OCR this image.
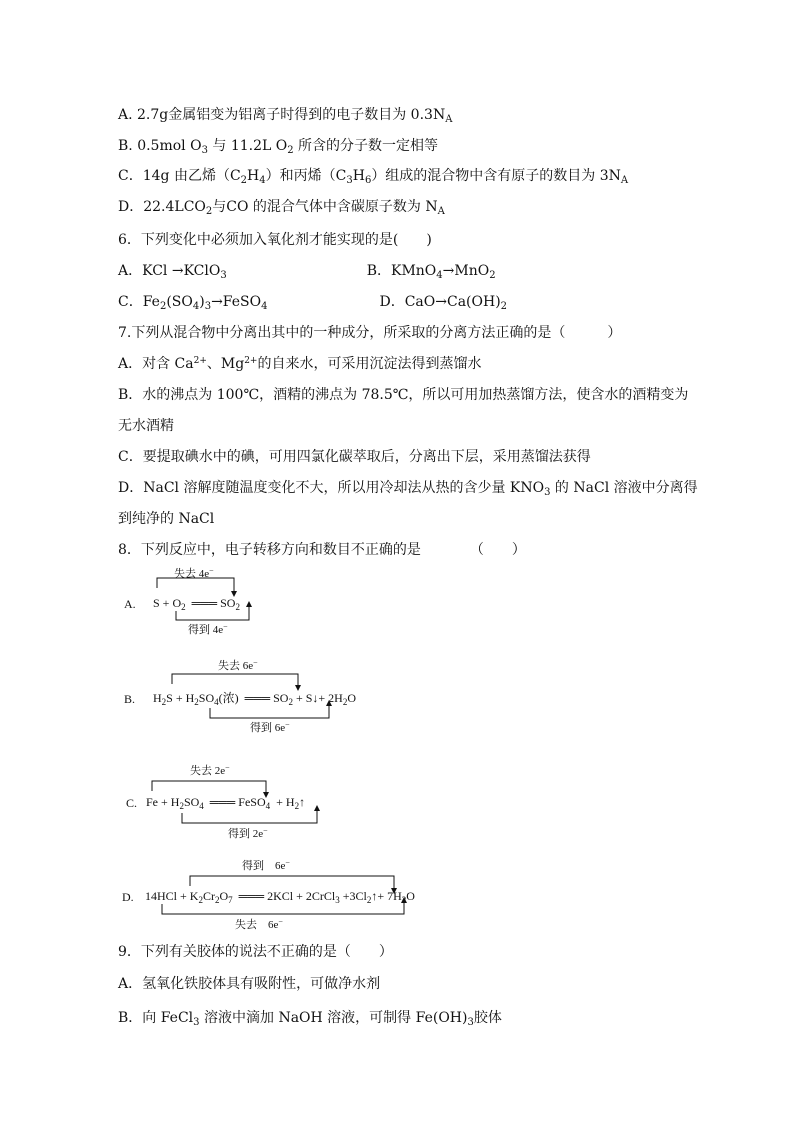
A. 2.7g金属铝变为铝离子时得到的电子数目为 $0.3N_A$
B. 0.5mol $O_3$ 与 11.2L $O_2$ 所含的分子数一定相等
C．14g 由乙烯$(C_2H_4)$和丙烯$(C_3H_6)$组成的混合物中含有原子的数目为 $3N_A$
D．$22.4LCO_2$与CO 的混合气体中含碳原子数为 $N_A$
6．下列变化中必须加入氧化剂才能实现的是(　　)
A．KCl →KClO$_3$　　　　　　　　　　B．KMnO$_4$→MnO$_2$
C．$Fe_2(SO_4)_3\to FeSO_4$　　　　　　　　D．$CaO\to Ca(OH)_2$
7.下列从混合物中分离出其中的一种成分，所采取的分离方法正确的是（　　　）
A．对含 $Ca^{2+}$、$Mg^{2+}$的自来水，可采用沉淀法得到蒸馏水
B．水的沸点为 100℃，酒精的沸点为 78.5℃，所以可用加热蒸馏方法，使含水的酒精变为
无水酒精
C．要提取碘水中的碘，可用四氯化碳萃取后，分离出下层，采用蒸馏法获得
D．NaCl 溶解度随温度变化不大，所以用冷却法从热的含少量 $KNO_3$ 的 NaCl 溶液中分离得
到纯净的 NaCl
8．下列反应中，电子转移方向和数目不正确的是　　　　（　　）
9．下列有关胶体的说法不正确的是（　　）
A．氢氧化铁胶体具有吸附性，可做净水剂
B．向 FeCl$_3$ 溶液中滴加 NaOH 溶液，可制得 $Fe(OH)_3$胶体
失去 4e−
A. $S + O_2$  ═══ $SO_2$
得到 4e−
失去 6e−
B. $H_2S + H_2SO_4$(浓)  ═══ $SO_2$ + S↓+ $2H_2O$
得到 6e−
失去 2e−
C. $Fe + H_2SO_4$  ═══ FeSO$_4$  + $H_2↑$
得到 2e−
得到　6e−
D. $14HCl + K_2Cr_2O_7$  ═══ 2KCl + 2CrCl$_3$ $+3Cl_2↑+ 7H_2O$
失去　6e−
